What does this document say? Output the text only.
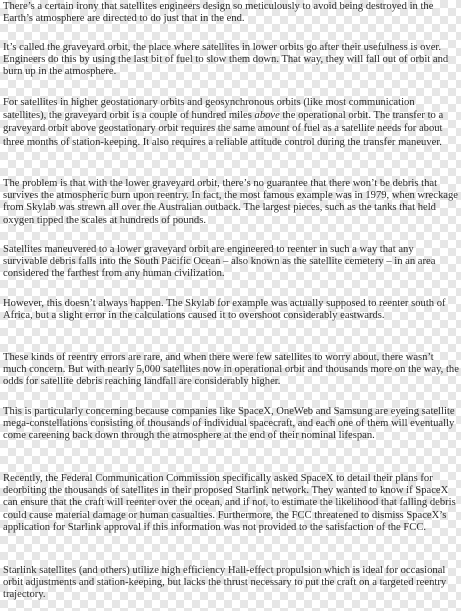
There’s a certain irony that satellites engineers design so meticulously to avoid being destroyed in the Earth’s atmosphere are directed to do just that in the end.

It’s called the graveyard orbit, the place where satellites in lower orbits go after their usefulness is over. Engineers do this by using the last bit of fuel to slow them down. That way, they will fall out of orbit and burn up in the atmosphere.

For satellites in higher geostationary orbits and geosynchronous orbits (like most communication satellites), the graveyard orbit is a couple of hundred miles above the operational orbit. The transfer to a graveyard orbit above geostationary orbit requires the same amount of fuel as a satellite needs for about three months of station-keeping. It also requires a reliable attitude control during the transfer maneuver.

The problem is that with the lower graveyard orbit, there’s no guarantee that there won’t be debris that survives the atmospheric burn upon reentry. In fact, the most famous example was in 1979, when wreckage from Skylab was strewn all over the Australian outback. The largest pieces, such as the tanks that held oxygen tipped the scales at hundreds of pounds.

Satellites maneuvered to a lower graveyard orbit are engineered to reenter in such a way that any survivable debris falls into the South Pacific Ocean – also known as the satellite cemetery – in an area considered the farthest from any human civilization.

However, this doesn’t always happen. The Skylab for example was actually supposed to reenter south of Africa, but a slight error in the calculations caused it to overshoot considerably eastwards.

These kinds of reentry errors are rare, and when there were few satellites to worry about, there wasn’t much concern. But with nearly 5,000 satellites now in operational orbit and thousands more on the way, the odds for satellite debris reaching landfall are considerably higher.

This is particularly concerning because companies like SpaceX, OneWeb and Samsung are eyeing satellite mega-constellations consisting of thousands of individual spacecraft, and each one of them will eventually come careening back down through the atmosphere at the end of their nominal lifespan.

Recently, the Federal Communication Commission specifically asked SpaceX to detail their plans for deorbiting the thousands of satellites in their proposed Starlink network. They wanted to know if SpaceX can ensure that the craft will reenter over the ocean, and if not, to estimate the likelihood that falling debris could cause material damage or human casualties. Furthermore, the FCC threatened to dismiss SpaceX’s application for Starlink approval if this information was not provided to the satisfaction of the FCC.

Starlink satellites (and others) utilize high efficiency Hall-effect propulsion which is ideal for occasional orbit adjustments and station-keeping, but lacks the thrust necessary to put the craft on a targeted reentry trajectory.
